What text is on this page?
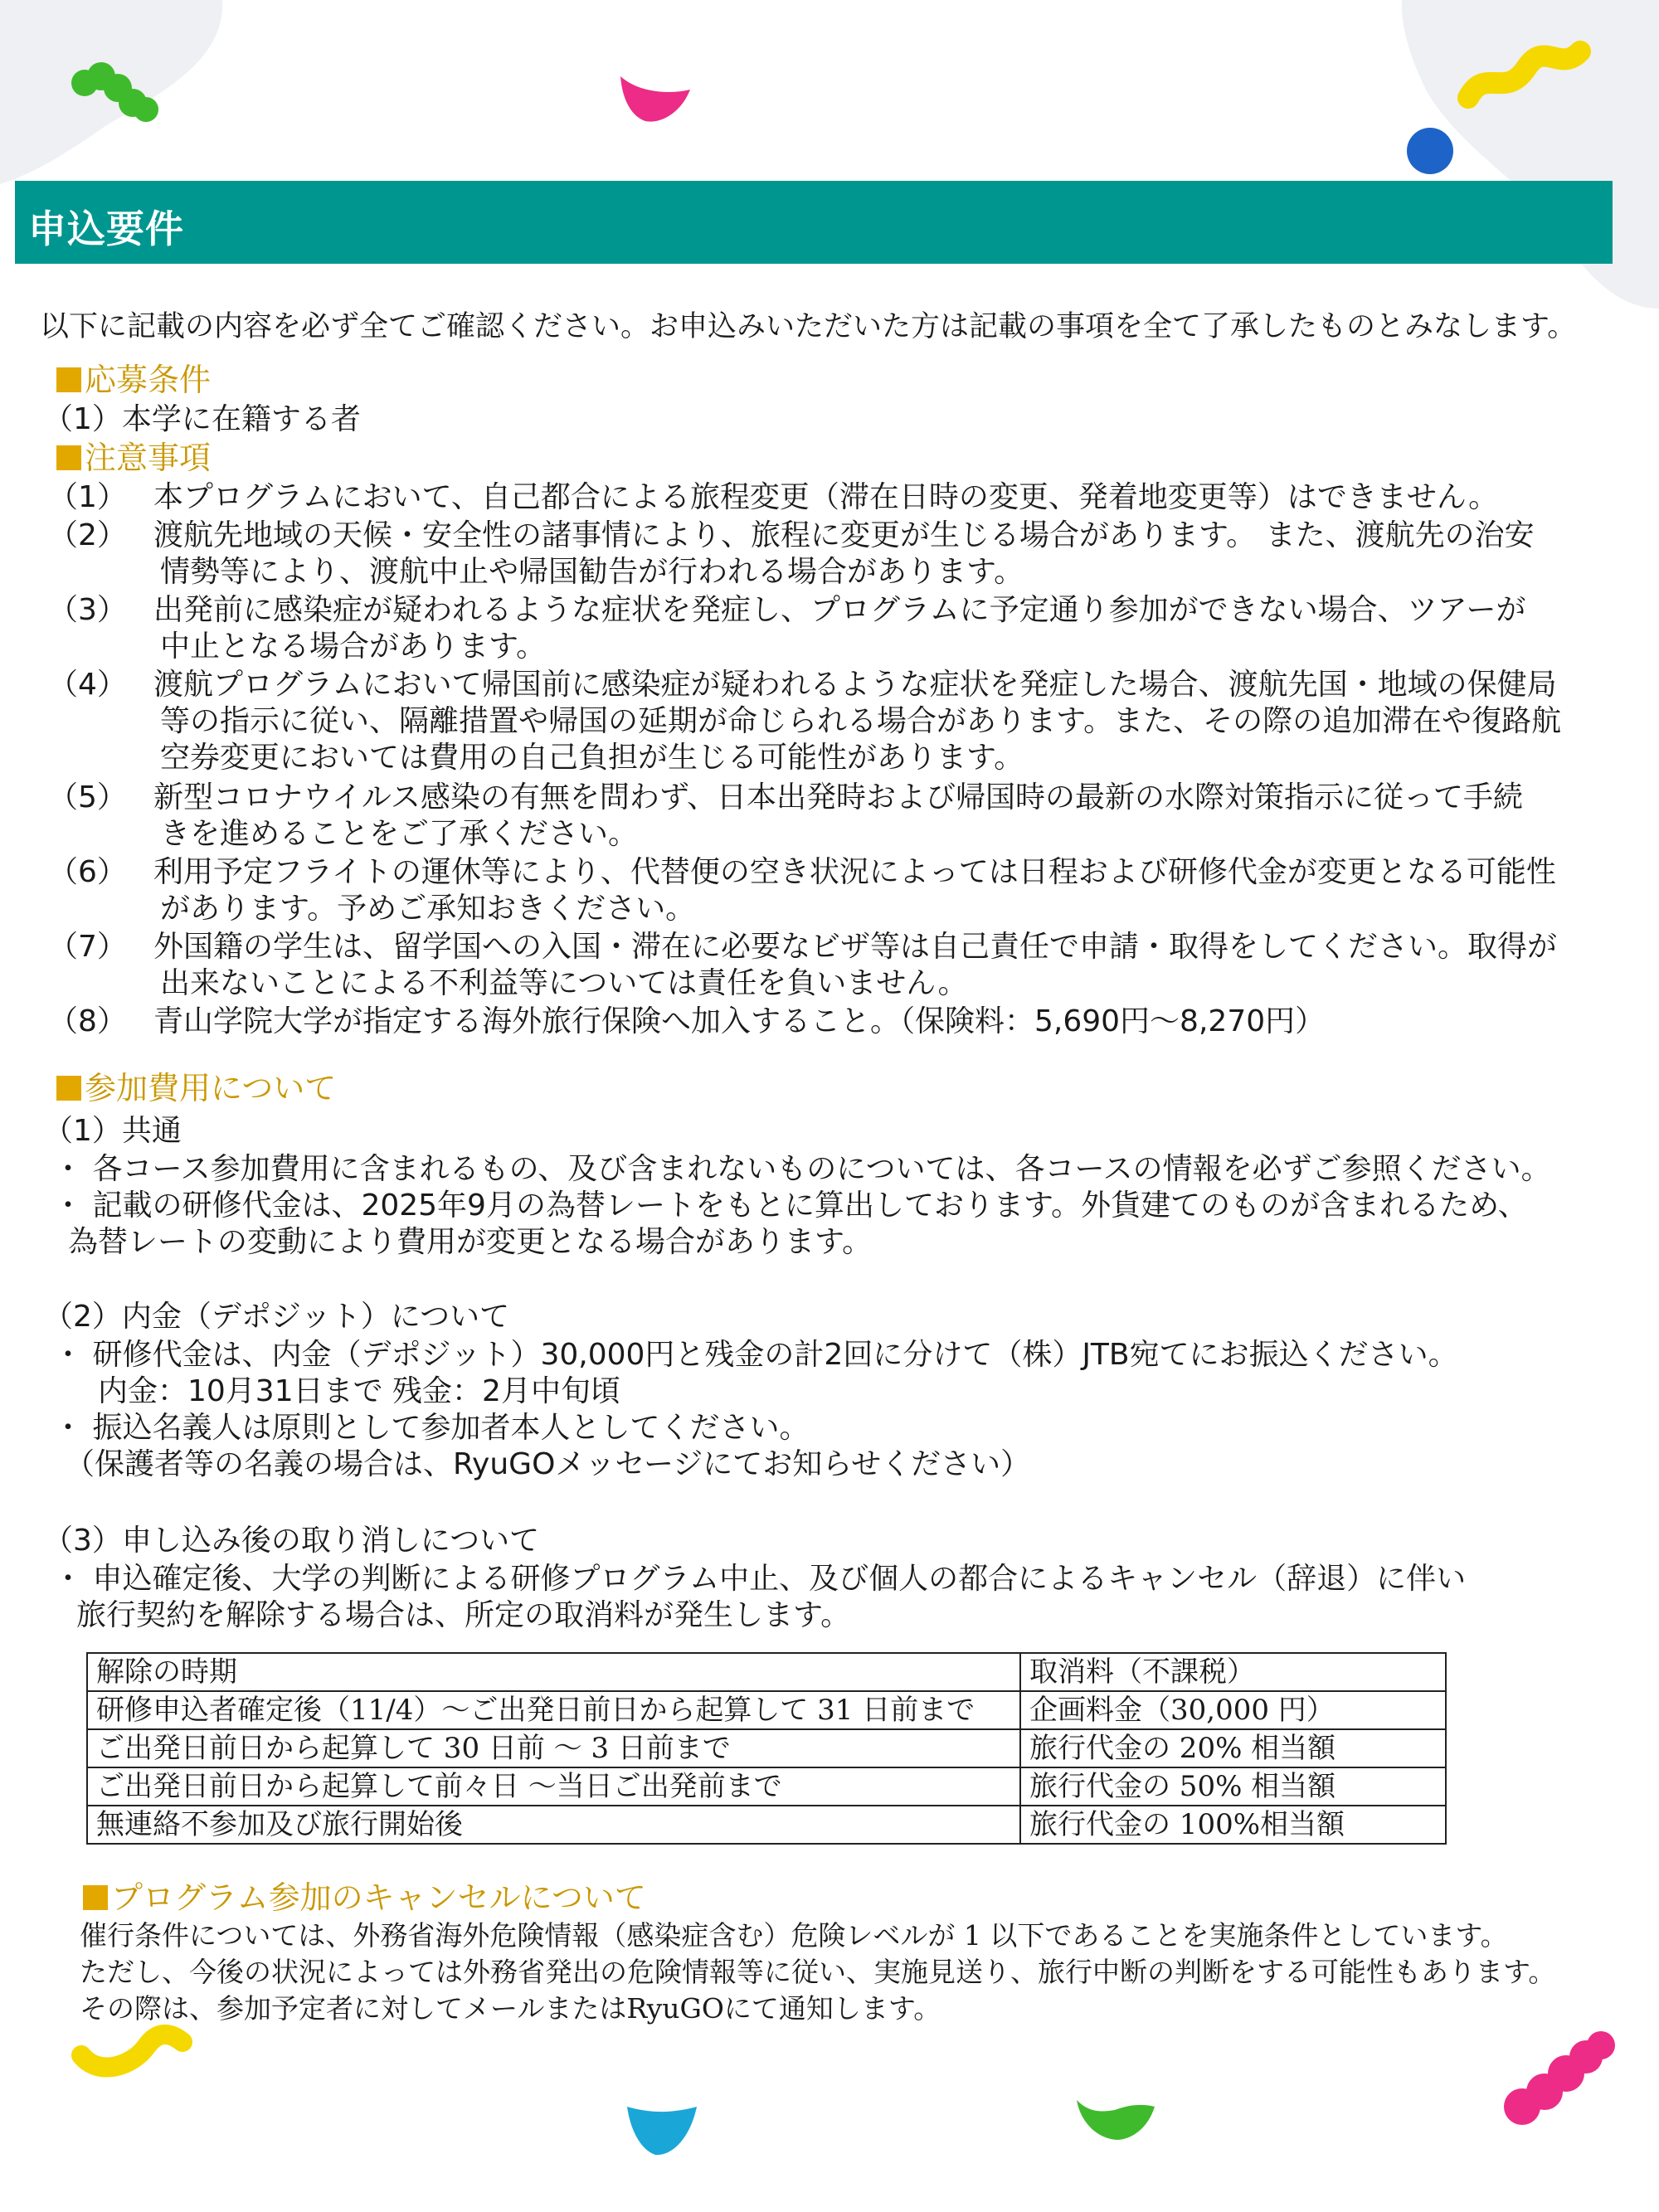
申込要件
以下に記載の内容を必ず全てご確認ください。お申込みいただいた方は記載の事項を全て了承したものとみなします。
応募条件
（1）本学に在籍する者
注意事項
（1） 本プログラムにおいて、自己都合による旅程変更（滞在日時の変更、発着地変更等）はできません。
（2） 渡航先地域の天候・安全性の諸事情により、旅程に変更が生じる場合があります。 また、渡航先の治安
情勢等により、渡航中止や帰国勧告が行われる場合があります。
（3） 出発前に感染症が疑われるような症状を発症し、プログラムに予定通り参加ができない場合、ツアーが
中止となる場合があります。
（4） 渡航プログラムにおいて帰国前に感染症が疑われるような症状を発症した場合、渡航先国・地域の保健局
等の指示に従い、隔離措置や帰国の延期が命じられる場合があります。また、その際の追加滞在や復路航
空券変更においては費用の自己負担が生じる可能性があります。
（5） 新型コロナウイルス感染の有無を問わず、日本出発時および帰国時の最新の水際対策指示に従って手続
きを進めることをご了承ください。
（6） 利用予定フライトの運休等により、代替便の空き状況によっては日程および研修代金が変更となる可能性
があります。予めご承知おきください。
（7） 外国籍の学生は、留学国への入国・滞在に必要なビザ等は自己責任で申請・取得をしてください。取得が
出来ないことによる不利益等については責任を負いません。
（8） 青山学院大学が指定する海外旅行保険へ加入すること。（保険料：5,690円～8,270円）
参加費用について
（1）共通
・ 各コース参加費用に含まれるもの、及び含まれないものについては、各コースの情報を必ずご参照ください。
・ 記載の研修代金は、2025年9月の為替レートをもとに算出しております。外貨建てのものが含まれるため、
為替レートの変動により費用が変更となる場合があります。
（2）内金（デポジット）について
・ 研修代金は、内金（デポジット）30,000円と残金の計2回に分けて（株）JTB宛てにお振込ください。
内金：10月31日まで 残金：2月中旬頃
・ 振込名義人は原則として参加者本人としてください。
（保護者等の名義の場合は、RyuGOメッセージにてお知らせください）
（3）申し込み後の取り消しについて
・ 申込確定後、大学の判断による研修プログラム中止、及び個人の都合によるキャンセル（辞退）に伴い
旅行契約を解除する場合は、所定の取消料が発生します。
解除の時期	取消料（不課税）
研修申込者確定後（11/4）～ご出発日前日から起算して 31 日前まで	企画料金（30,000 円）
ご出発日前日から起算して 30 日前 ～ 3 日前まで	旅行代金の 20% 相当額
ご出発日前日から起算して前々日 ～当日ご出発前まで	旅行代金の 50% 相当額
無連絡不参加及び旅行開始後	旅行代金の 100%相当額
プログラム参加のキャンセルについて
催行条件については、外務省海外危険情報（感染症含む）危険レベルが 1 以下であることを実施条件としています。
ただし、今後の状況によっては外務省発出の危険情報等に従い、実施見送り、旅行中断の判断をする可能性もあります。
その際は、参加予定者に対してメールまたはRyuGOにて通知します。
